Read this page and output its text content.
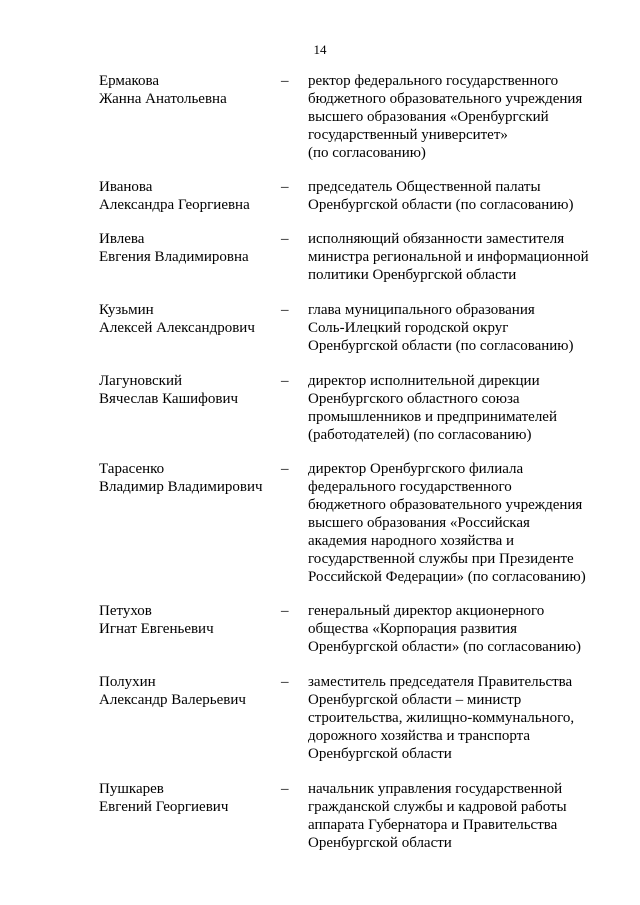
14
Ермакова
Жанна Анатольевна
– ректор федерального государственного
бюджетного образовательного учреждения
высшего образования «Оренбургский
государственный университет»
(по согласованию)
Иванова
Александра Георгиевна
– председатель Общественной палаты
Оренбургской области (по согласованию)
Ивлева
Евгения Владимировна
– исполняющий обязанности заместителя
министра региональной и информационной
политики Оренбургской области
Кузьмин
Алексей Александрович
– глава муниципального образования
Соль-Илецкий городской округ
Оренбургской области (по согласованию)
Лагуновский
Вячеслав Кашифович
– директор исполнительной дирекции
Оренбургского областного союза
промышленников и предпринимателей
(работодателей) (по согласованию)
Тарасенко
Владимир Владимирович
– директор Оренбургского филиала
федерального государственного
бюджетного образовательного учреждения
высшего образования «Российская
академия народного хозяйства и
государственной службы при Президенте
Российской Федерации» (по согласованию)
Петухов
Игнат Евгеньевич
– генеральный директор акционерного
общества «Корпорация развития
Оренбургской области» (по согласованию)
Полухин
Александр Валерьевич
– заместитель председателя Правительства
Оренбургской области – министр
строительства, жилищно-коммунального,
дорожного хозяйства и транспорта
Оренбургской области
Пушкарев
Евгений Георгиевич
– начальник управления государственной
гражданской службы и кадровой работы
аппарата Губернатора и Правительства
Оренбургской области
